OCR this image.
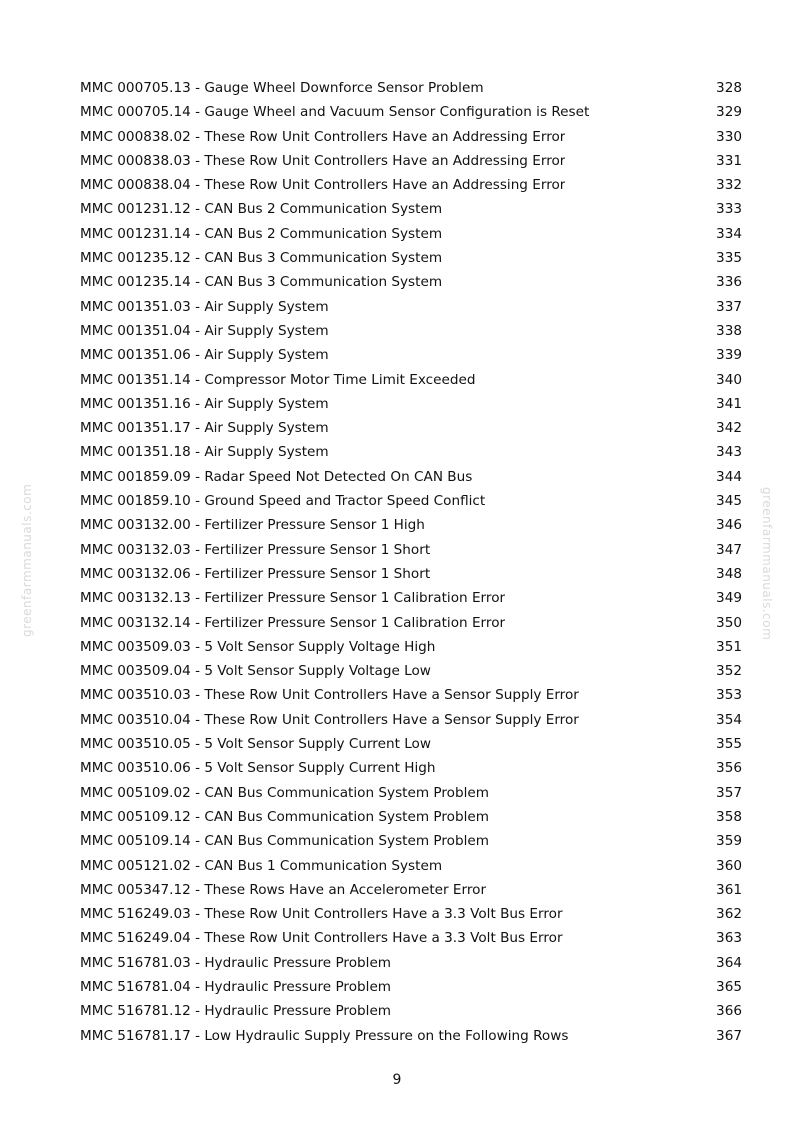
greenfarmmanuals.com	greenfarmmanuals.com
MMC 000705.13 - Gauge Wheel Downforce Sensor Problem	328
MMC 000705.14 - Gauge Wheel and Vacuum Sensor Configuration is Reset	329
MMC 000838.02 - These Row Unit Controllers Have an Addressing Error	330
MMC 000838.03 - These Row Unit Controllers Have an Addressing Error	331
MMC 000838.04 - These Row Unit Controllers Have an Addressing Error	332
MMC 001231.12 - CAN Bus 2 Communication System	333
MMC 001231.14 - CAN Bus 2 Communication System	334
MMC 001235.12 - CAN Bus 3 Communication System	335
MMC 001235.14 - CAN Bus 3 Communication System	336
MMC 001351.03 - Air Supply System	337
MMC 001351.04 - Air Supply System	338
MMC 001351.06 - Air Supply System	339
MMC 001351.14 - Compressor Motor Time Limit Exceeded	340
MMC 001351.16 - Air Supply System	341
MMC 001351.17 - Air Supply System	342
MMC 001351.18 - Air Supply System	343
MMC 001859.09 - Radar Speed Not Detected On CAN Bus	344
MMC 001859.10 - Ground Speed and Tractor Speed Conflict	345
MMC 003132.00 - Fertilizer Pressure Sensor 1 High	346
MMC 003132.03 - Fertilizer Pressure Sensor 1 Short	347
MMC 003132.06 - Fertilizer Pressure Sensor 1 Short	348
MMC 003132.13 - Fertilizer Pressure Sensor 1 Calibration Error	349
MMC 003132.14 - Fertilizer Pressure Sensor 1 Calibration Error	350
MMC 003509.03 - 5 Volt Sensor Supply Voltage High	351
MMC 003509.04 - 5 Volt Sensor Supply Voltage Low	352
MMC 003510.03 - These Row Unit Controllers Have a Sensor Supply Error	353
MMC 003510.04 - These Row Unit Controllers Have a Sensor Supply Error	354
MMC 003510.05 - 5 Volt Sensor Supply Current Low	355
MMC 003510.06 - 5 Volt Sensor Supply Current High	356
MMC 005109.02 - CAN Bus Communication System Problem	357
MMC 005109.12 - CAN Bus Communication System Problem	358
MMC 005109.14 - CAN Bus Communication System Problem	359
MMC 005121.02 - CAN Bus 1 Communication System	360
MMC 005347.12 - These Rows Have an Accelerometer Error	361
MMC 516249.03 - These Row Unit Controllers Have a 3.3 Volt Bus Error	362
MMC 516249.04 - These Row Unit Controllers Have a 3.3 Volt Bus Error	363
MMC 516781.03 - Hydraulic Pressure Problem	364
MMC 516781.04 - Hydraulic Pressure Problem	365
MMC 516781.12 - Hydraulic Pressure Problem	366
MMC 516781.17 - Low Hydraulic Supply Pressure on the Following Rows	367
9
